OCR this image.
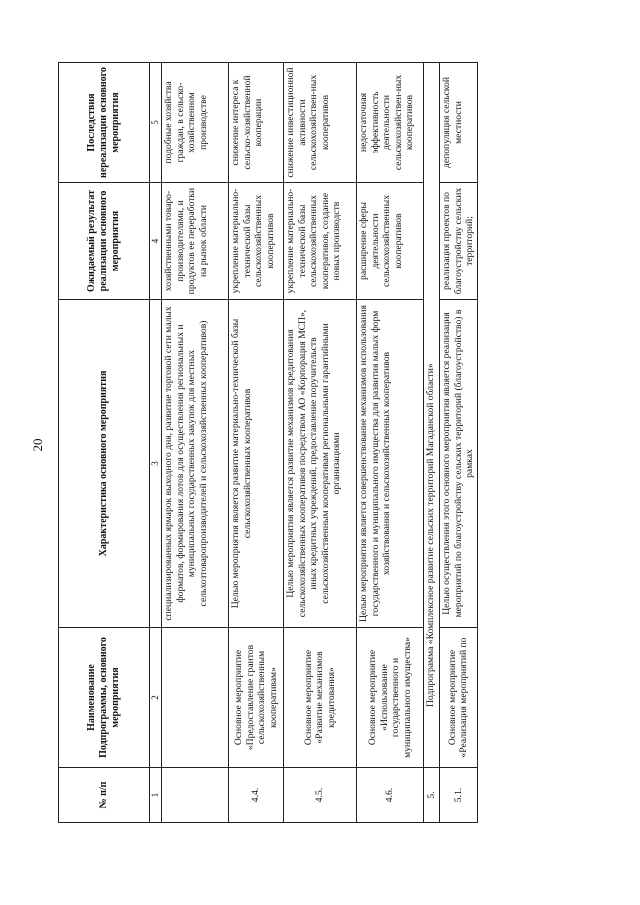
20
№ п/п	Наименование Подпрограммы, основного мероприятия	Характеристика основного мероприятия	Ожидаемый результат реализации основного мероприятия	Последствия нереализации основного мероприятия
1	2	3	4	5
		специализированных ярмарок выходного дня, развитие торговой сети малых форматов, формирования лотов для осуществления региональных и муниципальных государственных закупок для местных сельхозтоваропроизводителей и сельскохозяйственных кооперативов)	хозяйственными товаро-производителями, и продуктов ее переработки на рынок области	подобные хозяйства граждан, в сельско-хозяйственном производстве
4.4.	Основное мероприятие «Предоставление грантов сельскохозяйственным кооперативам»	Целью мероприятия является развитие материально-технической базы сельскохозяйственных кооперативов	укрепление материально-технической базы сельскохозяйственных кооперативов	снижение интереса к сельско-хозяйственной кооперации
4.5.	Основное мероприятие «Развитие механизмов кредитования»	Целью мероприятия является развитие механизмов кредитования сельскохозяйственных кооперативов посредством АО «Корпорация МСП», иных кредитных учреждений, предоставление поручительств сельскохозяйственным кооперативам региональными гарантийными организациями	укрепление материально-технической базы сельскохозяйственных кооперативов, создание новых производств	снижение инвестиционной активности сельскохозяйствен-ных кооперативов
4.6.	Основное мероприятие «Использование государственного и муниципального имущества»	Целью мероприятия является совершенствование механизмов использования государственного и муниципального имущества для развития малых форм хозяйствования и сельскохозяйственных кооперативов	расширение сферы деятельности сельскохозяйственных кооперативов	недостаточная эффективность деятельности сельскохозяйствен-ных кооперативов
5.	Подпрограмма «Комплексное развитие сельских территорий Магаданской области»			
5.1.	Основное мероприятие «Реализация мероприятий по	Целью осуществления этого основного мероприятия является реализация мероприятий по благоустройству сельских территорий (благоустройство) в рамках	реализация проектов по благоустройству сельских территорий;	депопуляция сельской местности
